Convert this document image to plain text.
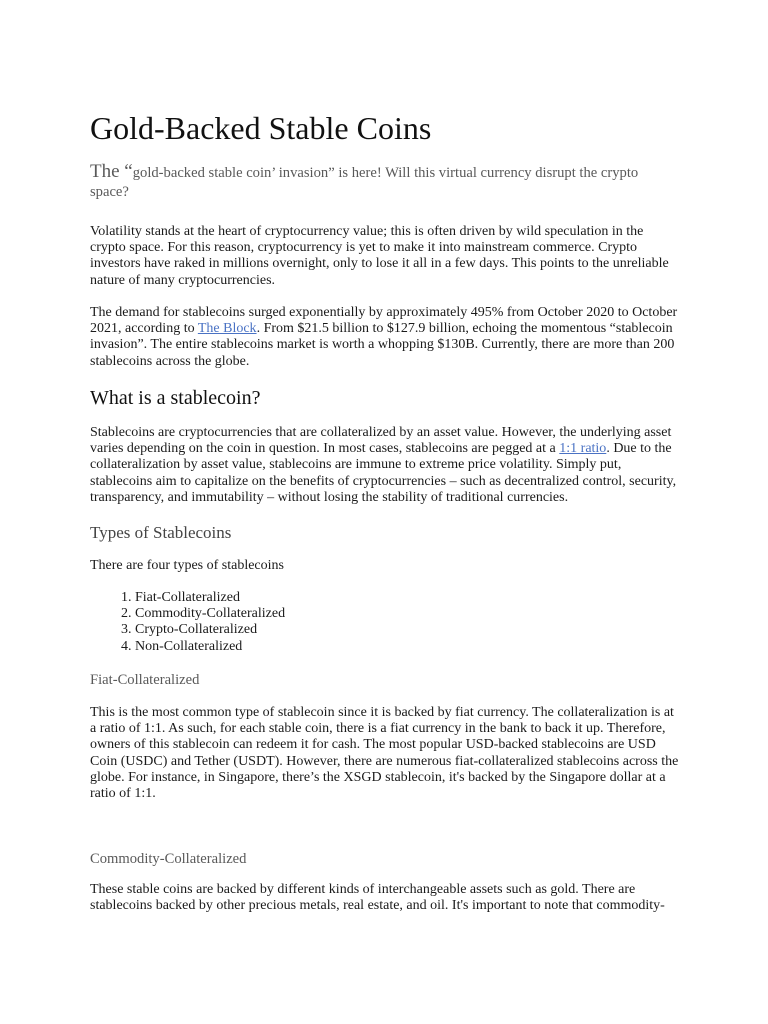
Gold-Backed Stable Coins

The “gold-backed stable coin’ invasion” is here! Will this virtual currency disrupt the crypto space?

Volatility stands at the heart of cryptocurrency value; this is often driven by wild speculation in the crypto space. For this reason, cryptocurrency is yet to make it into mainstream commerce. Crypto investors have raked in millions overnight, only to lose it all in a few days. This points to the unreliable nature of many cryptocurrencies.

The demand for stablecoins surged exponentially by approximately 495% from October 2020 to October 2021, according to The Block. From $21.5 billion to $127.9 billion, echoing the momentous “stablecoin invasion”. The entire stablecoins market is worth a whopping $130B. Currently, there are more than 200 stablecoins across the globe.

What is a stablecoin?

Stablecoins are cryptocurrencies that are collateralized by an asset value. However, the underlying asset varies depending on the coin in question. In most cases, stablecoins are pegged at a 1:1 ratio. Due to the collateralization by asset value, stablecoins are immune to extreme price volatility. Simply put, stablecoins aim to capitalize on the benefits of cryptocurrencies – such as decentralized control, security, transparency, and immutability – without losing the stability of traditional currencies.

Types of Stablecoins

There are four types of stablecoins

1. Fiat-Collateralized
2. Commodity-Collateralized
3. Crypto-Collateralized
4. Non-Collateralized
Fiat-Collateralized

This is the most common type of stablecoin since it is backed by fiat currency. The collateralization is at a ratio of 1:1. As such, for each stable coin, there is a fiat currency in the bank to back it up. Therefore, owners of this stablecoin can redeem it for cash. The most popular USD-backed stablecoins are USD Coin (USDC) and Tether (USDT). However, there are numerous fiat-collateralized stablecoins across the globe. For instance, in Singapore, there’s the XSGD stablecoin, it's backed by the Singapore dollar at a ratio of 1:1.

Commodity-Collateralized

These stable coins are backed by different kinds of interchangeable assets such as gold. There are stablecoins backed by other precious metals, real estate, and oil. It's important to note that commodity-
